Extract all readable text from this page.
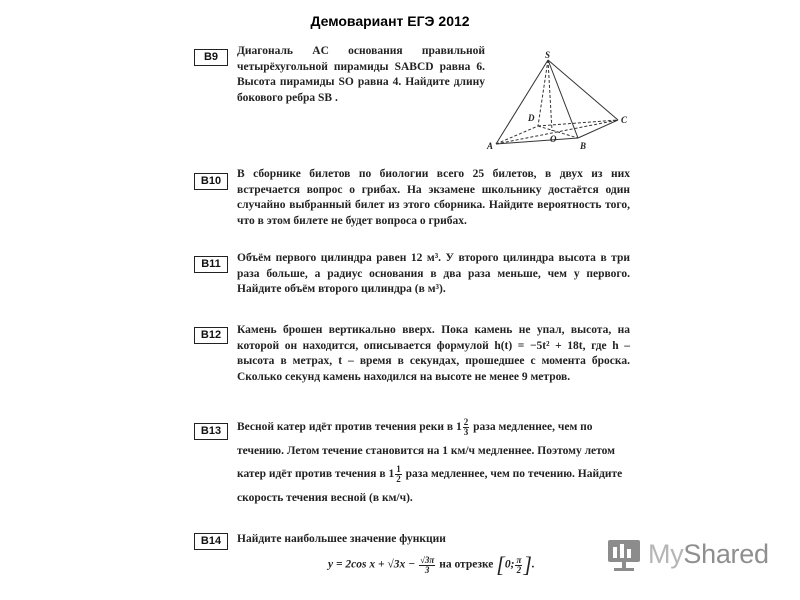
Демовариант ЕГЭ 2012
B9	Диагональ AC основания правильной четырёхугольной пирамиды SABCD равна 6. Высота пирамиды SO равна 4. Найдите длину бокового ребра SB .

S
A	B
C
D
O
B10

В сборнике билетов по биологии всего 25 билетов, в двух из них встречается вопрос о грибах. На экзамене школьнику достаётся один случайно выбранный билет из этого сборника. Найдите вероятность того, что в этом билете не будет вопроса о грибах.

B11	Объём первого цилиндра равен 12 м³. У второго цилиндра высота в три раза больше, а радиус основания в два раза меньше, чем у первого. Найдите объём второго цилиндра (в м³).

B12	Камень брошен вертикально вверх. Пока камень не упал, высота, на которой он находится, описывается формулой h(t) = −5t² + 18t, где h – высота в метрах, t – время в секундах, прошедшее с момента броска. Сколько секунд камень находился на высоте не менее 9 метров.

B13	Весной катер идёт против течения реки в $1 \frac{2}{3}$ раза медленнее, чем по
течению. Летом течение становится на 1 км/ч медленнее. Поэтому летом
катер идёт против течения в $1 \frac{1}{2}$ раза медленнее, чем по течению. Найдите
скорость течения весной (в км/ч).
B14	Найдите наибольшее значение функции
y = 2cos $x + √3x - \frac{√3\pi}{3}$ на отрезке [0; $\frac{\pi}{2}$ ].	MyShared
